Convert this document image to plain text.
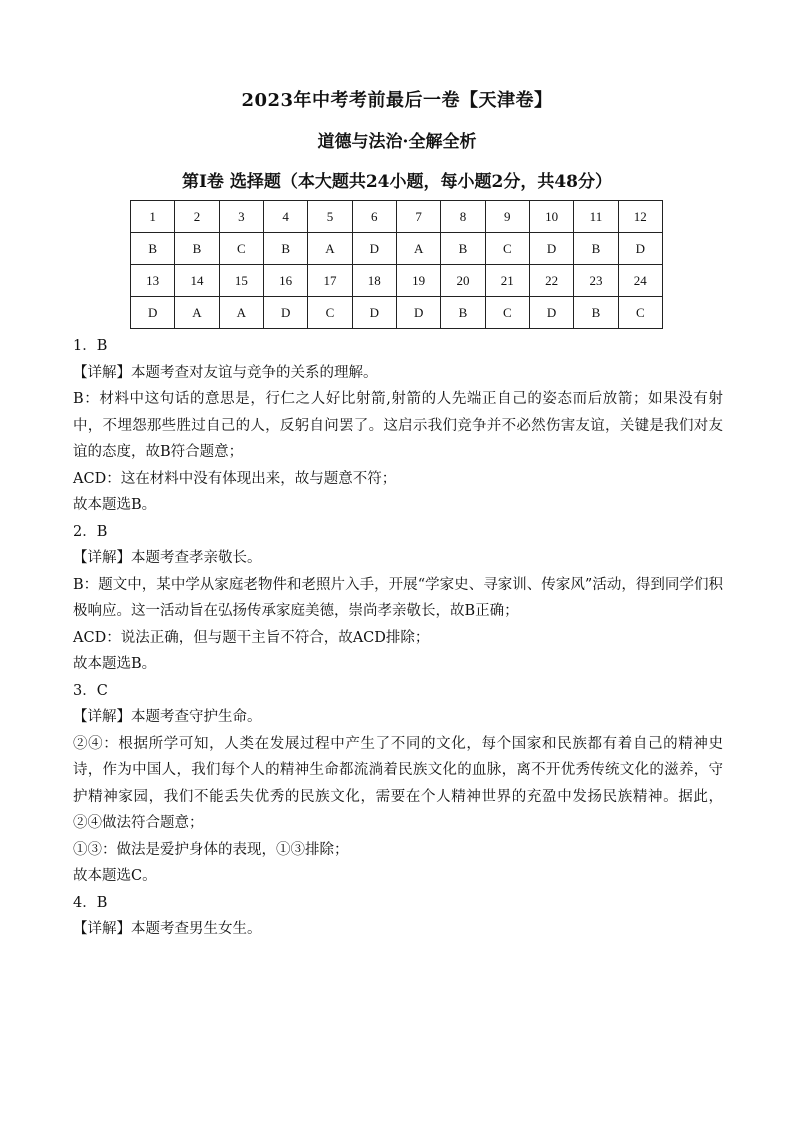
2023年中考考前最后一卷【天津卷】
道德与法治·全解全析
第Ⅰ卷 选择题（本大题共24小题，每小题2分，共48分）
1	2	3	4	5	6	7	8	9	10	11	12
B	B	C	B	A	D	A	B	C	D	B	D
13	14	15	16	17	18	19	20	21	22	23	24
D	A	A	D	C	D	D	B	C	D	B	C

1．B

【详解】本题考查对友谊与竞争的关系的理解。

B：材料中这句话的意思是，行仁之人好比射箭,射箭的人先端正自己的姿态而后放箭；如果没有射中，不埋怨那些胜过自己的人，反躬自问罢了。这启示我们竞争并不必然伤害友谊，关键是我们对友谊的态度，故B符合题意；

ACD：这在材料中没有体现出来，故与题意不符；

故本题选B。

2．B

【详解】本题考查孝亲敬长。

B：题文中，某中学从家庭老物件和老照片入手，开展“学家史、寻家训、传家风”活动，得到同学们积极响应。这一活动旨在弘扬传承家庭美德，崇尚孝亲敬长，故B正确；

ACD：说法正确，但与题干主旨不符合，故ACD排除；

故本题选B。

3．C

【详解】本题考查守护生命。

②④：根据所学可知，人类在发展过程中产生了不同的文化，每个国家和民族都有着自己的精神史诗，作为中国人，我们每个人的精神生命都流淌着民族文化的血脉，离不开优秀传统文化的滋养，守护精神家园，我们不能丢失优秀的民族文化，需要在个人精神世界的充盈中发扬民族精神。据此，②④做法符合题意；

①③：做法是爱护身体的表现，①③排除；

故本题选C。

4．B

【详解】本题考查男生女生。
